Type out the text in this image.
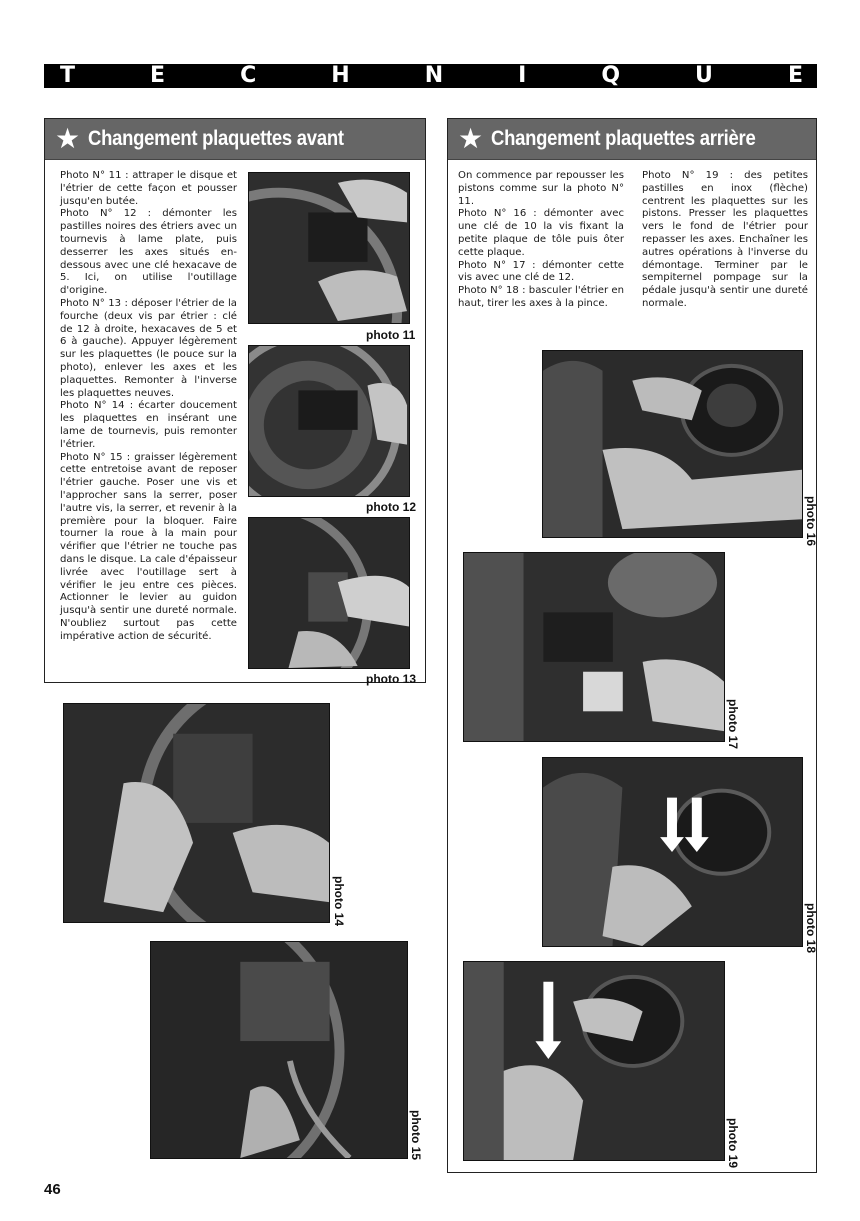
T	E	C	H	N	I	Q	U	E
★ Changement plaquettes avant

Photo N° 11 : attraper le disque et l'étrier de cette façon et pousser jusqu'en butée.

Photo N° 12 : démonter les pastilles noires des étriers avec un tournevis à lame plate, puis desserrer les axes situés en-dessous avec une clé hexacave de 5. Ici, on utilise l'outillage d'origine.

Photo N° 13 : déposer l'étrier de la fourche (deux vis par étrier : clé de 12 à droite, hexacaves de 5 et 6 à gauche). Appuyer légèrement sur les plaquettes (le pouce sur la photo), enlever les axes et les plaquettes. Remonter à l'inverse les plaquettes neuves.

Photo N° 14 : écarter doucement les plaquettes en insérant une lame de tournevis, puis remonter l'étrier.

Photo N° 15 : graisser légèrement cette entretoise avant de reposer l'étrier gauche. Poser une vis et l'approcher sans la serrer, poser l'autre vis, la serrer, et revenir à la première pour la bloquer. Faire tourner la roue à la main pour vérifier que l'étrier ne touche pas dans le disque. La cale d'épaisseur livrée avec l'outillage sert à vérifier le jeu entre ces pièces. Actionner le levier au guidon jusqu'à sentir une dureté normale. N'oubliez surtout pas cette impérative action de sécurité.

photo 11
photo 12
photo 13
photo 14
photo 15
★ Changement plaquettes arrière

On commence par repousser les pistons comme sur la photo N° 11.

Photo N° 16 : démonter avec une clé de 10 la vis fixant la petite plaque de tôle puis ôter cette plaque.

Photo N° 17 : démonter cette vis avec une clé de 12.

Photo N° 18 : basculer l'étrier en haut, tirer les axes à la pince.

Photo N° 19 : des petites pastilles en inox (flèche) centrent les plaquettes sur les pistons. Presser les plaquettes vers le fond de l'étrier pour repasser les axes. Enchaîner les autres opérations à l'inverse du démontage. Terminer par le sempiternel pompage sur la pédale jusqu'à sentir une dureté normale.

photo 16
photo 17
photo 18
photo 19
46
